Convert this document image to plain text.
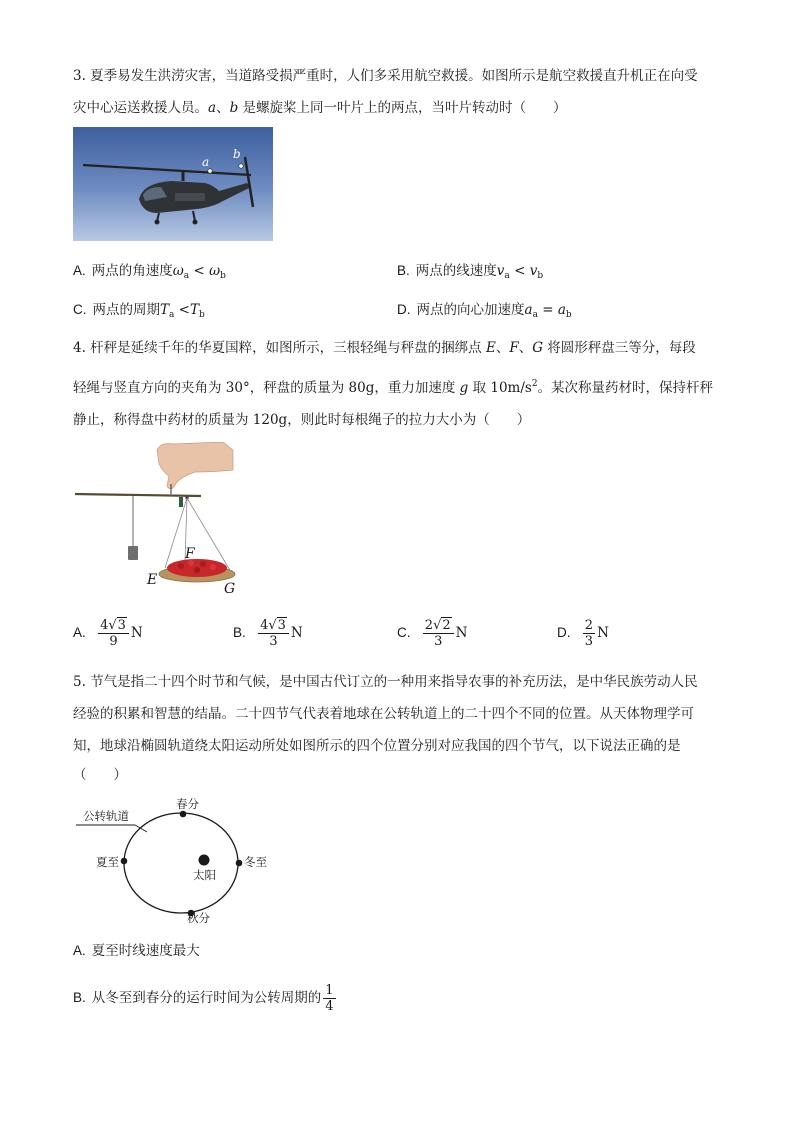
3. 夏季易发生洪涝灾害，当道路受损严重时，人们多采用航空救援。如图所示是航空救援直升机正在向受
灾中心运送救援人员。a、b 是螺旋桨上同一叶片上的两点，当叶片转动时（　　）
a
b
A. 两点的角速度$\omega_a < \omega_b$	B. 两点的线速度$v_a < v_b$
C. 两点的周期$T_a <T_b$	D. 两点的向心加速度$a_a = a_b$
4. 杆秤是延续千年的华夏国粹，如图所示，三根轻绳与秤盘的捆绑点 E、F、G 将圆形秤盘三等分，每段
轻绳与竖直方向的夹角为 30°，秤盘的质量为 80g，重力加速度 g 取 $10m/s^2$。某次称量药材时，保持杆秤
静止，称得盘中药材的质量为 120g，则此时每根绳子的拉力大小为（　　）
F
E
G
A. $\frac{4√3}{9}$ N	B. $\frac{4√3}{3}$ N	C. $\frac{2√2}{3}$ N	D. $\frac{2}{3}$ N
5. 节气是指二十四个时节和气候，是中国古代订立的一种用来指导农事的补充历法，是中华民族劳动人民
经验的积累和智慧的结晶。二十四节气代表着地球在公转轨道上的二十四个不同的位置。从天体物理学可
知，地球沿椭圆轨道绕太阳运动所处如图所示的四个位置分别对应我国的四个节气，以下说法正确的是
（　　）
公转轨道
春分
夏至
太阳
冬至
秋分
A. 夏至时线速度最大
B. 从冬至到春分的运行时间为公转周期的 $\frac{1}{4}$
